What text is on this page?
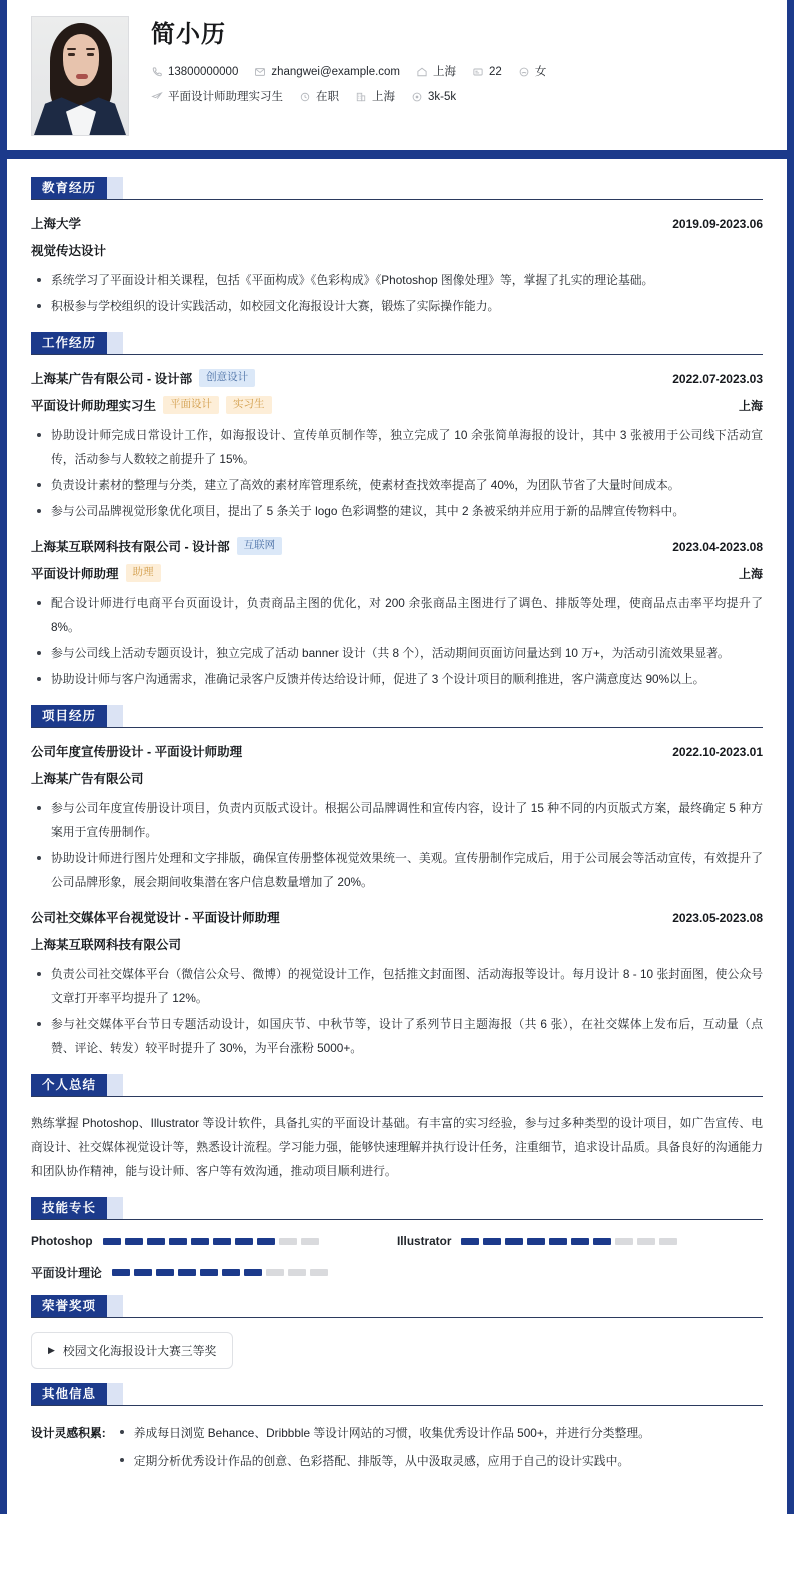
简小历
13800000000	zhangwei@example.com	上海	22	女
平面设计师助理实习生	在职	上海	3k-5k
教育经历
上海大学	2019.09-2023.06
视觉传达设计
系统学习了平面设计相关课程，包括《平面构成》《色彩构成》《Photoshop 图像处理》等，掌握了扎实的理论基础。
积极参与学校组织的设计实践活动，如校园文化海报设计大赛，锻炼了实际操作能力。
工作经历
上海某广告有限公司 - 设计部	创意设计	2022.07-2023.03
平面设计师助理实习生	平面设计	实习生	上海
协助设计师完成日常设计工作，如海报设计、宣传单页制作等，独立完成了 10 余张简单海报的设计，其中 3 张被用于公司线下活动宣传，活动参与人数较之前提升了 15%。
负责设计素材的整理与分类，建立了高效的素材库管理系统，使素材查找效率提高了 40%，为团队节省了大量时间成本。
参与公司品牌视觉形象优化项目，提出了 5 条关于 logo 色彩调整的建议，其中 2 条被采纳并应用于新的品牌宣传物料中。
上海某互联网科技有限公司 - 设计部	互联网	2023.04-2023.08
平面设计师助理	助理	上海
配合设计师进行电商平台页面设计，负责商品主图的优化，对 200 余张商品主图进行了调色、排版等处理，使商品点击率平均提升了 8%。
参与公司线上活动专题页设计，独立完成了活动 banner 设计（共 8 个），活动期间页面访问量达到 10 万+，为活动引流效果显著。
协助设计师与客户沟通需求，准确记录客户反馈并传达给设计师，促进了 3 个设计项目的顺利推进，客户满意度达 90%以上。
项目经历
公司年度宣传册设计 - 平面设计师助理	2022.10-2023.01
上海某广告有限公司
参与公司年度宣传册设计项目，负责内页版式设计。根据公司品牌调性和宣传内容，设计了 15 种不同的内页版式方案，最终确定 5 种方案用于宣传册制作。
协助设计师进行图片处理和文字排版，确保宣传册整体视觉效果统一、美观。宣传册制作完成后，用于公司展会等活动宣传，有效提升了公司品牌形象，展会期间收集潜在客户信息数量增加了 20%。
公司社交媒体平台视觉设计 - 平面设计师助理	2023.05-2023.08
上海某互联网科技有限公司
负责公司社交媒体平台（微信公众号、微博）的视觉设计工作，包括推文封面图、活动海报等设计。每月设计 8 - 10 张封面图，使公众号文章打开率平均提升了 12%。
参与社交媒体平台节日专题活动设计，如国庆节、中秋节等，设计了系列节日主题海报（共 6 张），在社交媒体上发布后，互动量（点赞、评论、转发）较平时提升了 30%，为平台涨粉 5000+。
个人总结

熟练掌握 Photoshop、Illustrator 等设计软件，具备扎实的平面设计基础。有丰富的实习经验，参与过多种类型的设计项目，如广告宣传、电商设计、社交媒体视觉设计等，熟悉设计流程。学习能力强，能够快速理解并执行设计任务，注重细节，追求设计品质。具备良好的沟通能力和团队协作精神，能与设计师、客户等有效沟通，推动项目顺利进行。

技能专长
Photoshop	Illustrator
平面设计理论
荣誉奖项
▶ 校园文化海报设计大赛三等奖
其他信息
设计灵感积累:	养成每日浏览 Behance、Dribbble 等设计网站的习惯，收集优秀设计作品 500+，并进行分类整理。
定期分析优秀设计作品的创意、色彩搭配、排版等，从中汲取灵感，应用于自己的设计实践中。
